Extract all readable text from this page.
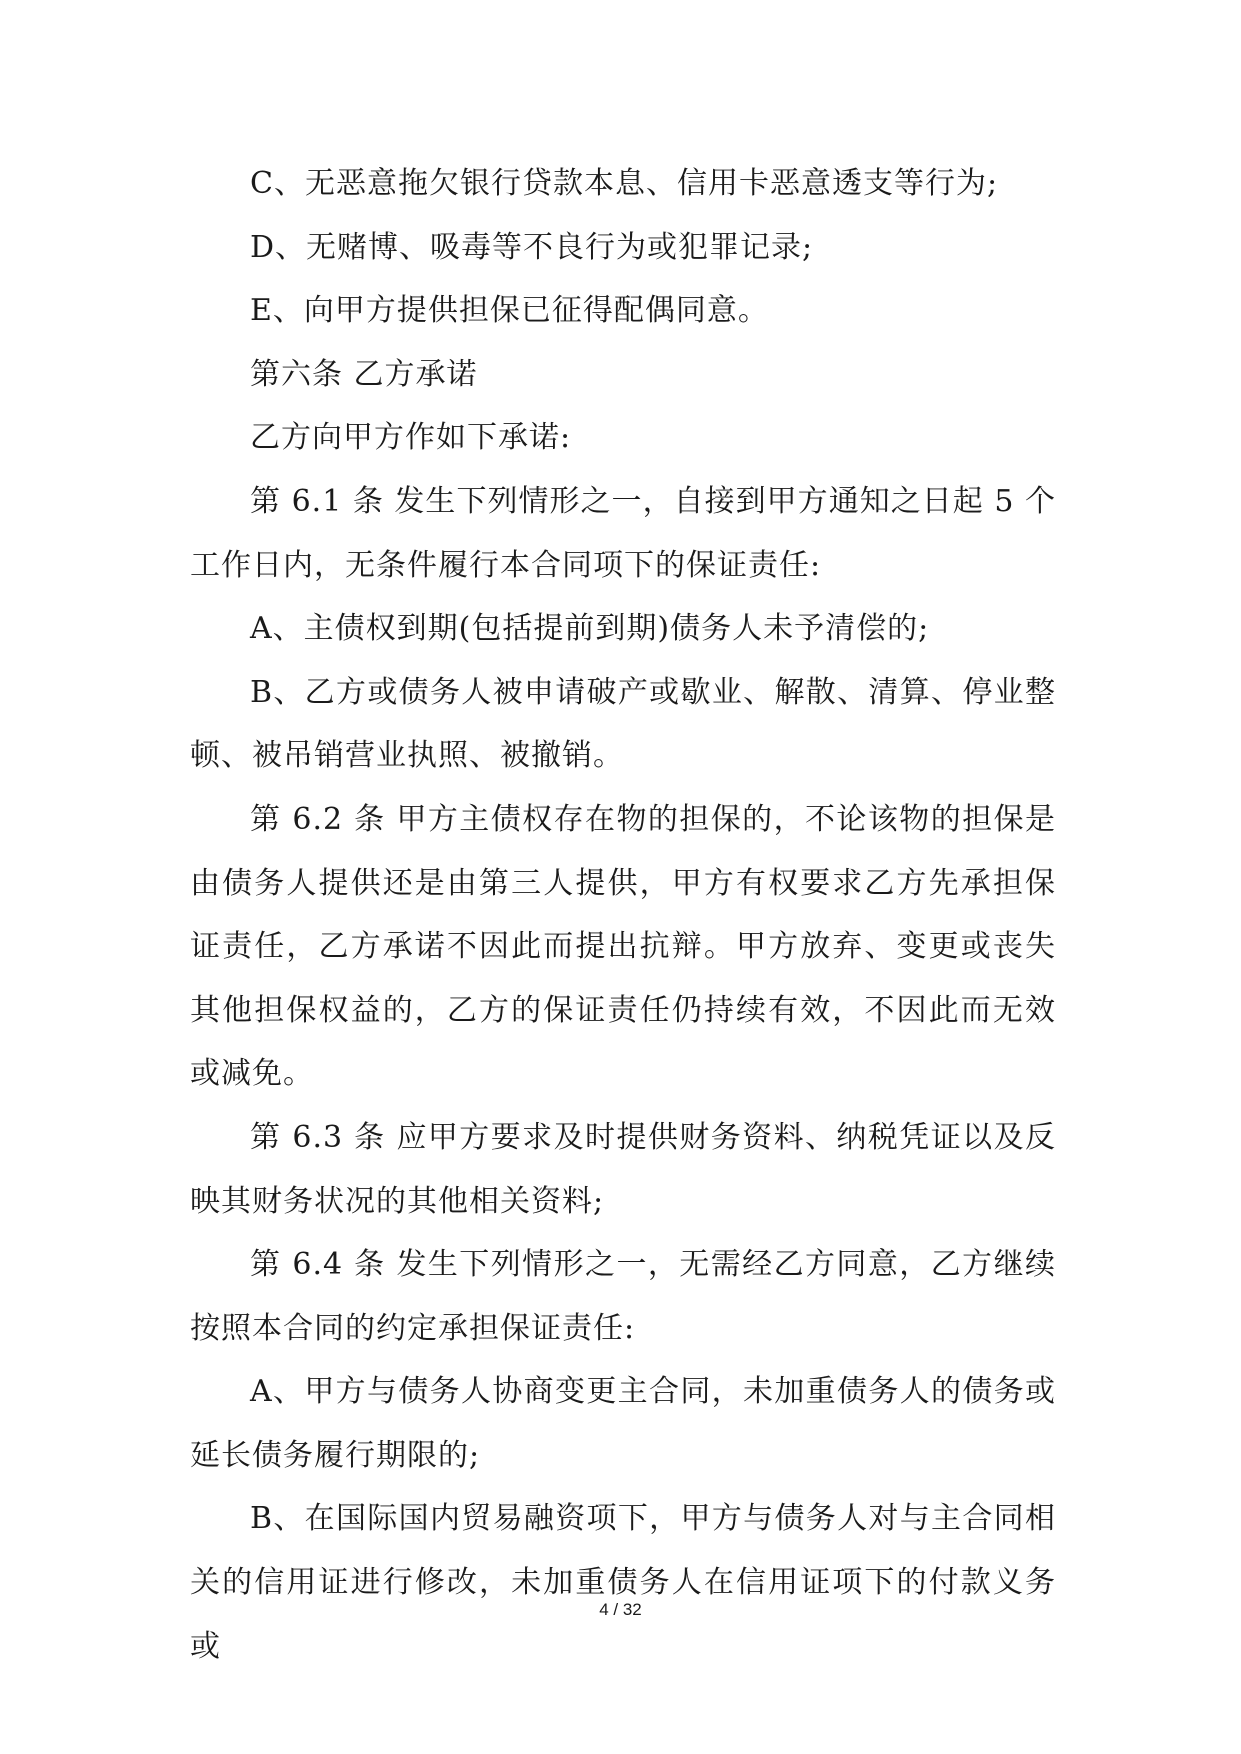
C、无恶意拖欠银行贷款本息、信用卡恶意透支等行为;

D、无赌博、吸毒等不良行为或犯罪记录;

E、向甲方提供担保已征得配偶同意。

第六条 乙方承诺

乙方向甲方作如下承诺:

第 6.1 条 发生下列情形之一，自接到甲方通知之日起 5 个工作日内，无条件履行本合同项下的保证责任:

A、主债权到期(包括提前到期)债务人未予清偿的;

B、乙方或债务人被申请破产或歇业、解散、清算、停业整顿、被吊销营业执照、被撤销。

第 6.2 条 甲方主债权存在物的担保的，不论该物的担保是由债务人提供还是由第三人提供，甲方有权要求乙方先承担保证责任，乙方承诺不因此而提出抗辩。甲方放弃、变更或丧失其他担保权益的，乙方的保证责任仍持续有效，不因此而无效或减免。

第 6.3 条 应甲方要求及时提供财务资料、纳税凭证以及反映其财务状况的其他相关资料;

第 6.4 条 发生下列情形之一，无需经乙方同意，乙方继续按照本合同的约定承担保证责任:

A、甲方与债务人协商变更主合同，未加重债务人的债务或延长债务履行期限的;

B、在国际国内贸易融资项下，甲方与债务人对与主合同相关的信用证进行修改，未加重债务人在信用证项下的付款义务或

4 / 32
